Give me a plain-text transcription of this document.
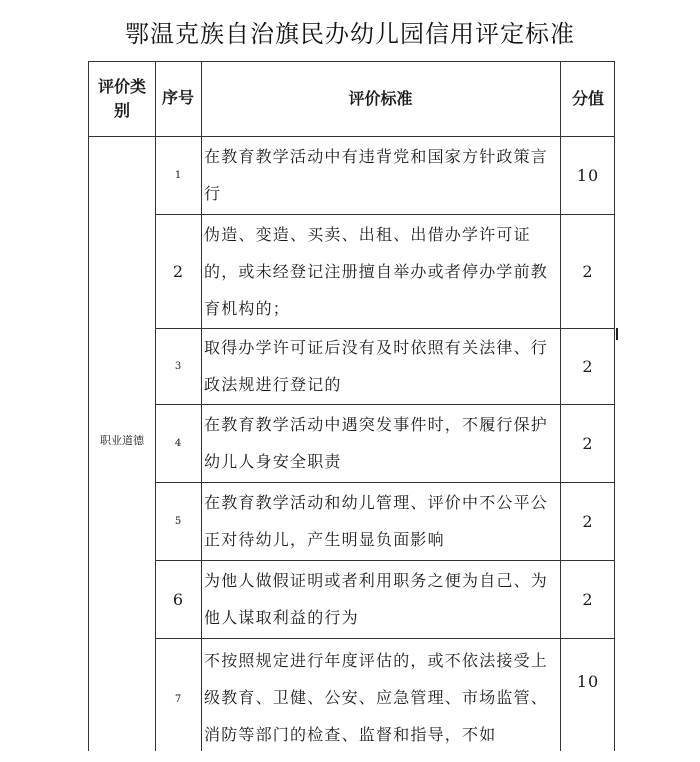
鄂温克族自治旗民办幼儿园信用评定标准
评价类别
序号	评价标准	分值
职业道德
1
在教育教学活动中有违背党和国家方针政策言行
10
2
伪造、变造、买卖、出租、出借办学许可证的，或未经登记注册擅自举办或者停办学前教育机构的；
2
3
取得办学许可证后没有及时依照有关法律、行政法规进行登记的
2
4
在教育教学活动中遇突发事件时，不履行保护幼儿人身安全职责
2
5
在教育教学活动和幼儿管理、评价中不公平公正对待幼儿，产生明显负面影响
2
6
为他人做假证明或者利用职务之便为自己、为他人谋取利益的行为
2
7
不按照规定进行年度评估的，或不依法接受上级教育、卫健、公安、应急管理、市场监管、消防等部门的检查、监督和指导，不如
10
